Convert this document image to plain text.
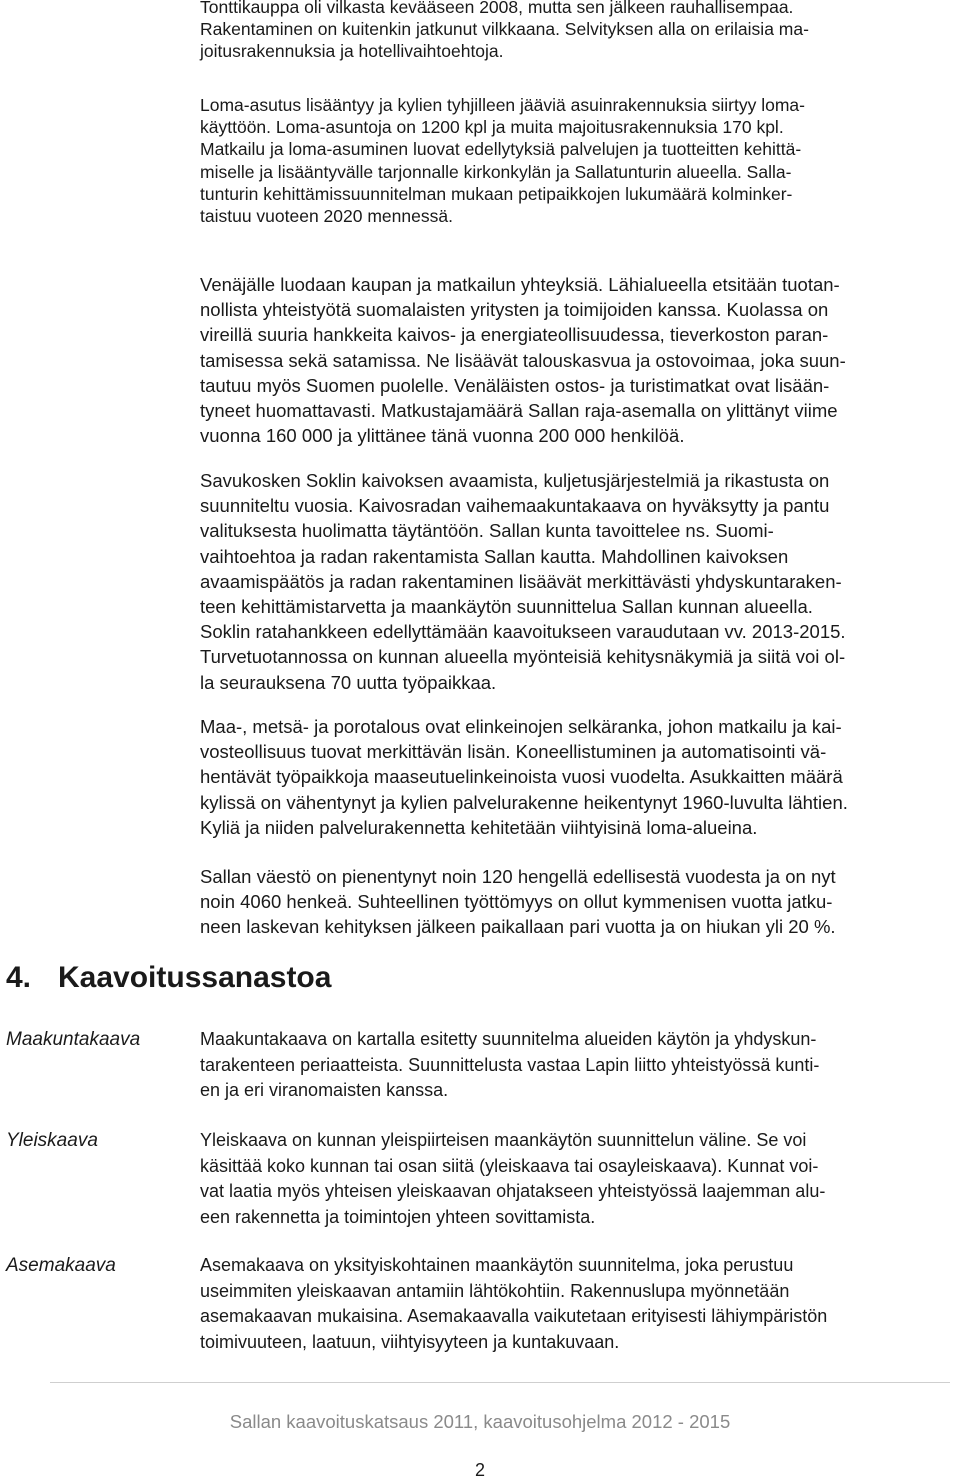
Tonttikauppa oli vilkasta kevääseen 2008, mutta sen jälkeen rauhallisempaa.
Rakentaminen on kuitenkin jatkunut vilkkaana. Selvityksen alla on erilaisia ma-
joitusrakennuksia ja hotellivaihtoehtoja.
Loma-asutus lisääntyy ja kylien tyhjilleen jääviä asuinrakennuksia siirtyy loma-
käyttöön. Loma-asuntoja on 1200 kpl ja muita majoitusrakennuksia 170 kpl.
Matkailu ja loma-asuminen luovat edellytyksiä palvelujen ja tuotteitten kehittä-
miselle ja lisääntyvälle tarjonnalle kirkonkylän ja Sallatunturin alueella. Salla-
tunturin kehittämissuunnitelman mukaan petipaikkojen lukumäärä kolminker-
taistuu vuoteen 2020 mennessä.
Venäjälle luodaan kaupan ja matkailun yhteyksiä. Lähialueella etsitään tuotan-
nollista yhteistyötä suomalaisten yritysten ja toimijoiden kanssa. Kuolassa on
vireillä suuria hankkeita kaivos- ja energiateollisuudessa, tieverkoston paran-
tamisessa sekä satamissa. Ne lisäävät talouskasvua ja ostovoimaa, joka suun-
tautuu myös Suomen puolelle. Venäläisten ostos- ja turistimatkat ovat lisään-
tyneet huomattavasti. Matkustajamäärä Sallan raja-asemalla on ylittänyt viime
vuonna 160 000 ja ylittänee tänä vuonna 200 000 henkilöä.
Savukosken Soklin kaivoksen avaamista, kuljetusjärjestelmiä ja rikastusta on
suunniteltu vuosia. Kaivosradan vaihemaakuntakaava on hyväksytty ja pantu
valituksesta huolimatta täytäntöön. Sallan kunta tavoittelee ns. Suomi-
vaihtoehtoa ja radan rakentamista Sallan kautta. Mahdollinen kaivoksen
avaamispäätös ja radan rakentaminen lisäävät merkittävästi yhdyskuntaraken-
teen kehittämistarvetta ja maankäytön suunnittelua Sallan kunnan alueella.
Soklin ratahankkeen edellyttämään kaavoitukseen varaudutaan vv. 2013-2015.
Turvetuotannossa on kunnan alueella myönteisiä kehitysnäkymiä ja siitä voi ol-
la seurauksena 70 uutta työpaikkaa.
Maa-, metsä- ja porotalous ovat elinkeinojen selkäranka, johon matkailu ja kai-
vosteollisuus tuovat merkittävän lisän. Koneellistuminen ja automatisointi vä-
hentävät työpaikkoja maaseutuelinkeinoista vuosi vuodelta. Asukkaitten määrä
kylissä on vähentynyt ja kylien palvelurakenne heikentynyt 1960-luvulta lähtien.
Kyliä ja niiden palvelurakennetta kehitetään viihtyisinä loma-alueina.
Sallan väestö on pienentynyt noin 120 hengellä edellisestä vuodesta ja on nyt
noin 4060 henkeä. Suhteellinen työttömyys on ollut kymmenisen vuotta jatku-
neen laskevan kehityksen jälkeen paikallaan pari vuotta ja on hiukan yli 20 %.
4. Kaavoitussanastoa
Maakuntakaava	Maakuntakaava on kartalla esitetty suunnitelma alueiden käytön ja yhdyskun-
tarakenteen periaatteista. Suunnittelusta vastaa Lapin liitto yhteistyössä kunti-
en ja eri viranomaisten kanssa.
Yleiskaava	Yleiskaava on kunnan yleispiirteisen maankäytön suunnittelun väline. Se voi
käsittää koko kunnan tai osan siitä (yleiskaava tai osayleiskaava). Kunnat voi-
vat laatia myös yhteisen yleiskaavan ohjatakseen yhteistyössä laajemman alu-
een rakennetta ja toimintojen yhteen sovittamista.
Asemakaava	Asemakaava on yksityiskohtainen maankäytön suunnitelma, joka perustuu
useimmiten yleiskaavan antamiin lähtökohtiin. Rakennuslupa myönnetään
asemakaavan mukaisina. Asemakaavalla vaikutetaan erityisesti lähiympäristön
toimivuuteen, laatuun, viihtyisyyteen ja kuntakuvaan.
Sallan kaavoituskatsaus 2011, kaavoitusohjelma 2012 - 2015
2
